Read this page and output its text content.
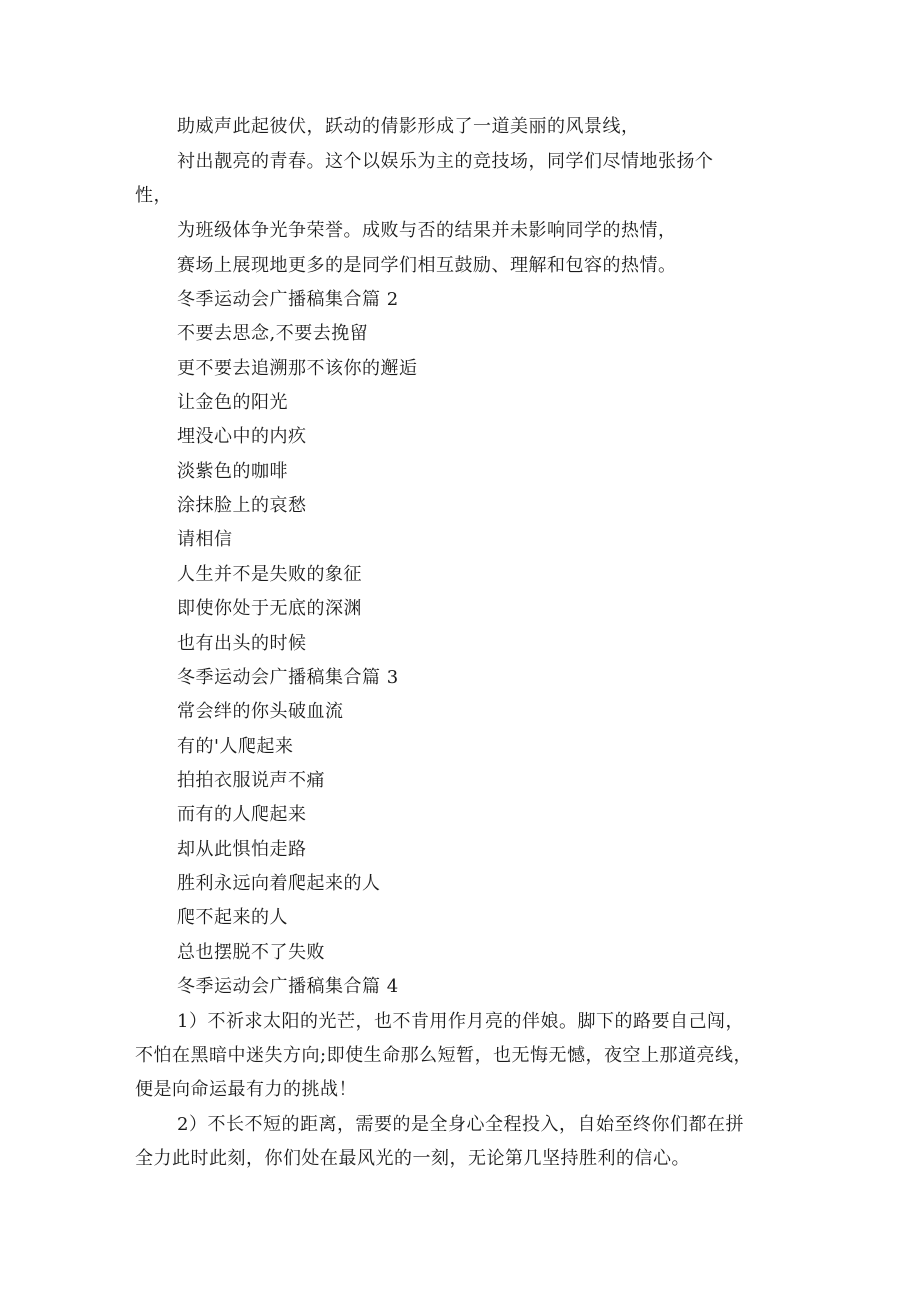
助威声此起彼伏，跃动的倩影形成了一道美丽的风景线，
衬出靓亮的青春。这个以娱乐为主的竞技场，同学们尽情地张扬个
性，
为班级体争光争荣誉。成败与否的结果并未影响同学的热情，
赛场上展现地更多的是同学们相互鼓励、理解和包容的热情。
冬季运动会广播稿集合篇 2
不要去思念,不要去挽留
更不要去追溯那不该你的邂逅
让金色的阳光
埋没心中的内疚
淡紫色的咖啡
涂抹脸上的哀愁
请相信
人生并不是失败的象征
即使你处于无底的深渊
也有出头的时候
冬季运动会广播稿集合篇 3
常会绊的你头破血流
有的'人爬起来
拍拍衣服说声不痛
而有的人爬起来
却从此惧怕走路
胜利永远向着爬起来的人
爬不起来的人
总也摆脱不了失败
冬季运动会广播稿集合篇 4
1）不祈求太阳的光芒，也不肯用作月亮的伴娘。脚下的路要自己闯，
不怕在黑暗中迷失方向;即使生命那么短暂，也无悔无憾，夜空上那道亮线，
便是向命运最有力的挑战！
2）不长不短的距离，需要的是全身心全程投入，自始至终你们都在拼
全力此时此刻，你们处在最风光的一刻，无论第几坚持胜利的信心。
